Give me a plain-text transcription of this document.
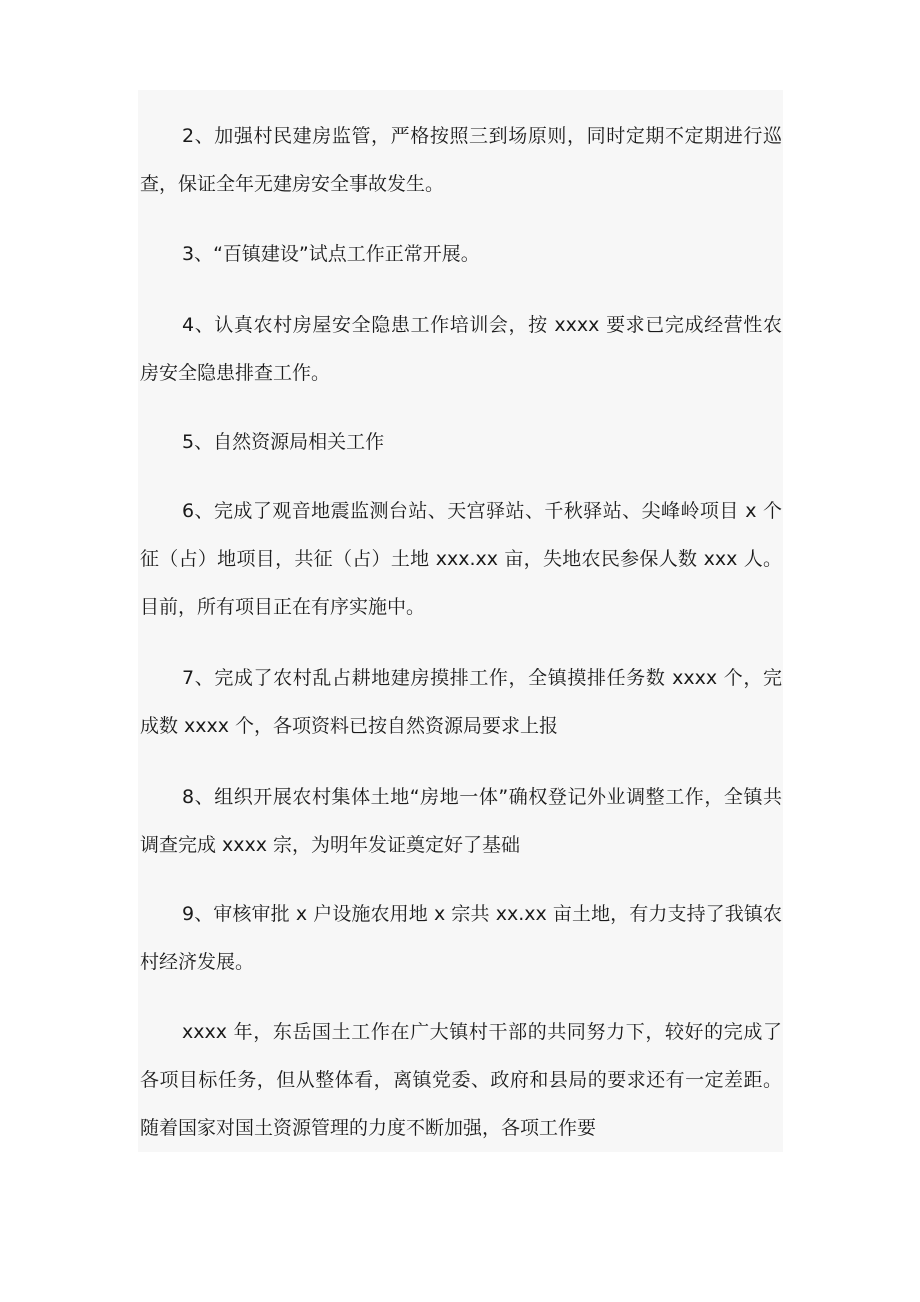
2、加强村民建房监管，严格按照三到场原则，同时定期不定期进行巡查，保证全年无建房安全事故发生。

3、“百镇建设”试点工作正常开展。

4、认真农村房屋安全隐患工作培训会，按 xxxx 要求已完成经营性农房安全隐患排查工作。

5、自然资源局相关工作

6、完成了观音地震监测台站、天宫驿站、千秋驿站、尖峰岭项目 x 个征（占）地项目，共征（占）土地 xxx.xx 亩，失地农民参保人数 xxx 人。目前，所有项目正在有序实施中。

7、完成了农村乱占耕地建房摸排工作，全镇摸排任务数 xxxx 个，完成数 xxxx 个，各项资料已按自然资源局要求上报

8、组织开展农村集体土地“房地一体”确权登记外业调整工作，全镇共调查完成 xxxx 宗，为明年发证奠定好了基础

9、审核审批 x 户设施农用地 x 宗共 xx.xx 亩土地，有力支持了我镇农村经济发展。

xxxx 年，东岳国土工作在广大镇村干部的共同努力下，较好的完成了各项目标任务，但从整体看，离镇党委、政府和县局的要求还有一定差距。随着国家对国土资源管理的力度不断加强，各项工作要
